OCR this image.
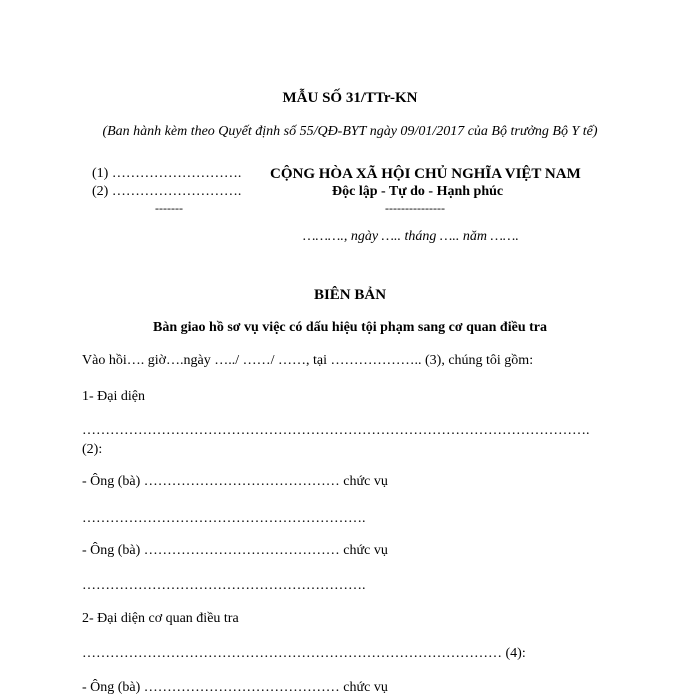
MẪU SỐ 31/TTr-KN
(Ban hành kèm theo Quyết định số 55/QĐ-BYT ngày 09/01/2017 của Bộ trưởng Bộ Y tế)
(1) ……………………….
(2) ……………………….
-------
CỘNG HÒA XÃ HỘI CHỦ NGHĨA VIỆT NAM
Độc lập - Tự do - Hạnh phúc
---------------
………., ngày ….. tháng ….. năm …….
BIÊN BẢN
Bàn giao hồ sơ vụ việc có dấu hiệu tội phạm sang cơ quan điều tra
Vào hồi…. giờ….ngày …../ ……/ ……, tại ……………….. (3), chúng tôi gồm:
1- Đại diện
……………………………………………………………………………………………….
(2):
- Ông (bà) …………………………………… chức vụ
…………………………………………………….
- Ông (bà) …………………………………… chức vụ
…………………………………………………….
2- Đại diện cơ quan điều tra
……………………………………………………………………………… (4):
- Ông (bà) …………………………………… chức vụ
